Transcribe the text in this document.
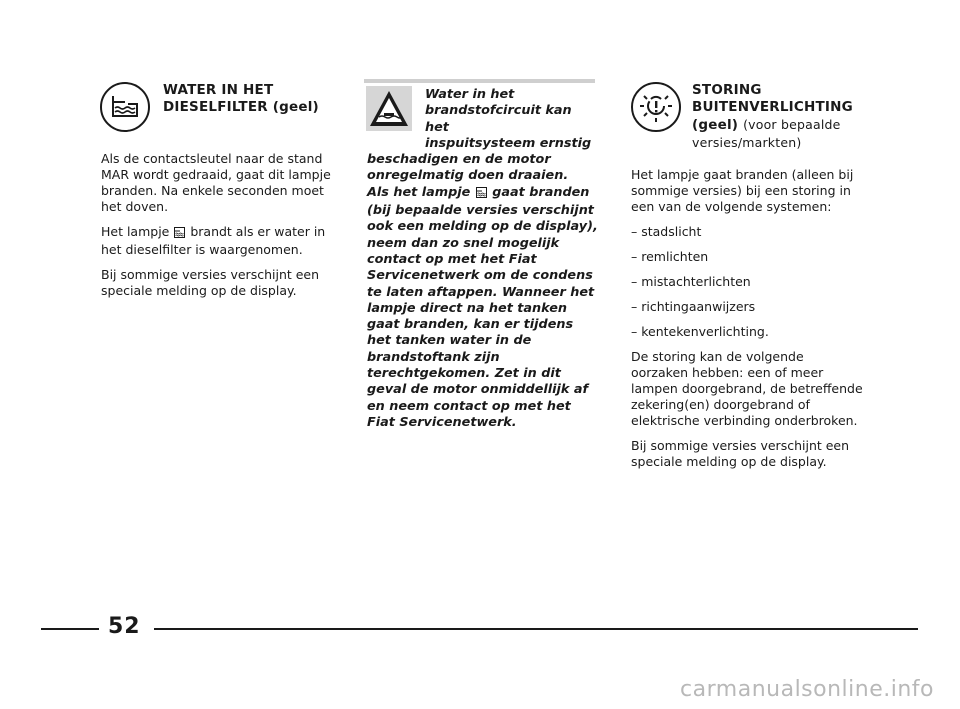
WATER IN HET
DIESELFILTER (geel)

Als de contactsleutel naar de stand MAR wordt gedraaid, gaat dit lampje branden. Na enkele seconden moet het doven.

Het lampje brandt als er water in het dieselfilter is waargenomen.

Bij sommige versies verschijnt een speciale melding op de display.

Water in het
brandstofcircuit kan het
inspuitsysteem ernstig
beschadigen en de motor onregelmatig doen draaien.
Als het lampje gaat branden (bij bepaalde versies verschijnt ook een melding op de display), neem dan zo snel mogelijk contact op met het Fiat Servicenetwerk om de condens te laten aftappen. Wanneer het lampje direct na het tanken gaat branden, kan er tijdens het tanken water in de brandstoftank zijn terechtgekomen. Zet in dit geval de motor onmiddellijk af en neem contact op met het Fiat Servicenetwerk.
STORING
BUITENVERLICHTING
(geel) (voor bepaalde versies/markten)

Het lampje gaat branden (alleen bij sommige versies) bij een storing in een van de volgende systemen:

– stadslicht

– remlichten

– mistachterlichten

– richtingaanwijzers

– kentekenverlichting.

De storing kan de volgende oorzaken hebben: een of meer lampen doorgebrand, de betreffende zekering(en) doorgebrand of elektrische verbinding onderbroken.

Bij sommige versies verschijnt een speciale melding op de display.

52
carmanualsonline.info
